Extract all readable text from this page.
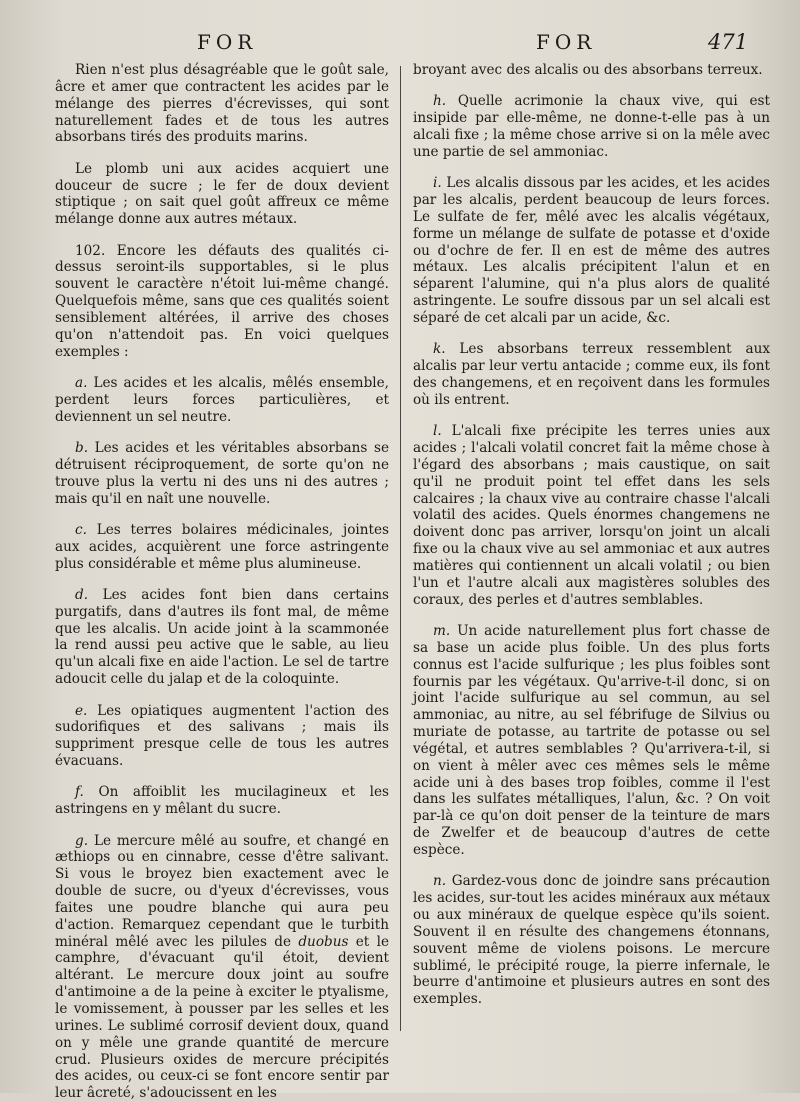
FOR	FOR	471

Rien n'est plus désagréable que le goût sale, âcre et amer que contractent les acides par le mélange des pierres d'écrevisses, qui sont naturellement fades et de tous les autres absorbans tirés des produits marins.

Le plomb uni aux acides acquiert une douceur de sucre ; le fer de doux devient stiptique ; on sait quel goût affreux ce même mélange donne aux autres métaux.

102. Encore les défauts des qualités ci-dessus seroint-ils supportables, si le plus souvent le caractère n'étoit lui-même changé. Quelquefois même, sans que ces qualités soient sensiblement altérées, il arrive des choses qu'on n'attendoit pas. En voici quelques exemples :

a. Les acides et les alcalis, mêlés ensemble, perdent leurs forces particulières, et deviennent un sel neutre.

b. Les acides et les véritables absorbans se détruisent réciproquement, de sorte qu'on ne trouve plus la vertu ni des uns ni des autres ; mais qu'il en naît une nouvelle.

c. Les terres bolaires médicinales, jointes aux acides, acquièrent une force astringente plus considérable et même plus alumineuse.

d. Les acides font bien dans certains purgatifs, dans d'autres ils font mal, de même que les alcalis. Un acide joint à la scammonée la rend aussi peu active que le sable, au lieu qu'un alcali fixe en aide l'action. Le sel de tartre adoucit celle du jalap et de la coloquinte.

e. Les opiatiques augmentent l'action des sudorifiques et des salivans ; mais ils suppriment presque celle de tous les autres évacuans.

f. On affoiblit les mucilagineux et les astringens en y mêlant du sucre.

g. Le mercure mêlé au soufre, et changé en æthiops ou en cinnabre, cesse d'être salivant. Si vous le broyez bien exactement avec le double de sucre, ou d'yeux d'écrevisses, vous faites une poudre blanche qui aura peu d'action. Remarquez cependant que le turbith minéral mêlé avec les pilules de duobus et le camphre, d'évacuant qu'il étoit, devient altérant. Le mercure doux joint au soufre d'antimoine a de la peine à exciter le ptyalisme, le vomissement, à pousser par les selles et les urines. Le sublimé corrosif devient doux, quand on y mêle une grande quantité de mercure crud. Plusieurs oxides de mercure précipités des acides, ou ceux-ci se font encore sentir par leur âcreté, s'adoucissent en les

broyant avec des alcalis ou des absorbans terreux.

h. Quelle acrimonie la chaux vive, qui est insipide par elle-même, ne donne-t-elle pas à un alcali fixe ; la même chose arrive si on la mêle avec une partie de sel ammoniac.

i. Les alcalis dissous par les acides, et les acides par les alcalis, perdent beaucoup de leurs forces. Le sulfate de fer, mêlé avec les alcalis végétaux, forme un mélange de sulfate de potasse et d'oxide ou d'ochre de fer. Il en est de même des autres métaux. Les alcalis précipitent l'alun et en séparent l'alumine, qui n'a plus alors de qualité astringente. Le soufre dissous par un sel alcali est séparé de cet alcali par un acide, &c.

k. Les absorbans terreux ressemblent aux alcalis par leur vertu antacide ; comme eux, ils font des changemens, et en reçoivent dans les formules où ils entrent.

l. L'alcali fixe précipite les terres unies aux acides ; l'alcali volatil concret fait la même chose à l'égard des absorbans ; mais caustique, on sait qu'il ne produit point tel effet dans les sels calcaires ; la chaux vive au contraire chasse l'alcali volatil des acides. Quels énormes changemens ne doivent donc pas arriver, lorsqu'on joint un alcali fixe ou la chaux vive au sel ammoniac et aux autres matières qui contiennent un alcali volatil ; ou bien l'un et l'autre alcali aux magistères solubles des coraux, des perles et d'autres semblables.

m. Un acide naturellement plus fort chasse de sa base un acide plus foible. Un des plus forts connus est l'acide sulfurique ; les plus foibles sont fournis par les végétaux. Qu'arrive-t-il donc, si on joint l'acide sulfurique au sel commun, au sel ammoniac, au nitre, au sel fébrifuge de Silvius ou muriate de potasse, au tartrite de potasse ou sel végétal, et autres semblables ? Qu'arrivera-t-il, si on vient à mêler avec ces mêmes sels le même acide uni à des bases trop foibles, comme il l'est dans les sulfates métalliques, l'alun, &c. ? On voit par-là ce qu'on doit penser de la teinture de mars de Zwelfer et de beaucoup d'autres de cette espèce.

n. Gardez-vous donc de joindre sans précaution les acides, sur-tout les acides minéraux aux métaux ou aux minéraux de quelque espèce qu'ils soient. Souvent il en résulte des changemens étonnans, souvent même de violens poisons. Le mercure sublimé, le précipité rouge, la pierre infernale, le beurre d'antimoine et plusieurs autres en sont des exemples.
